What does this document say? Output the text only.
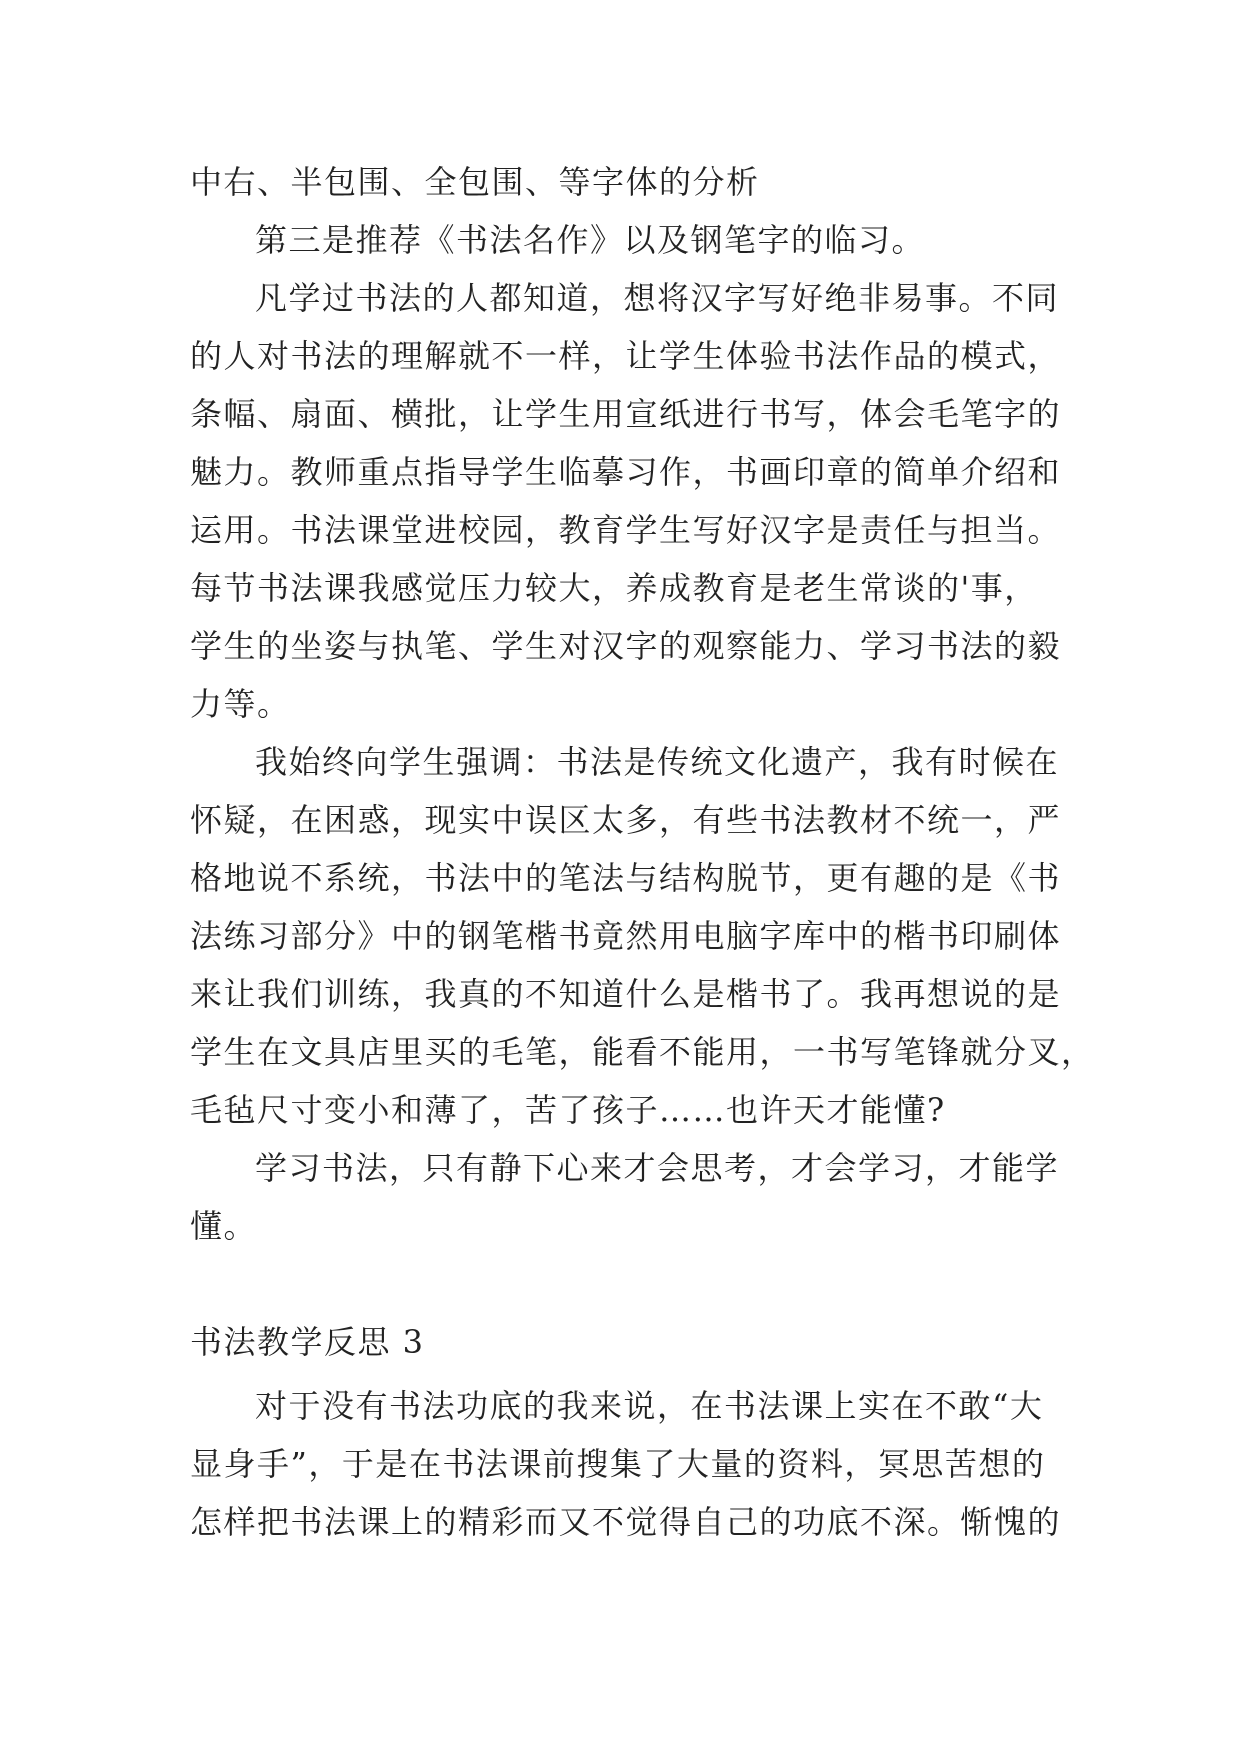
中右、半包围、全包围、等字体的分析
第三是推荐《书法名作》以及钢笔字的临习。
凡学过书法的人都知道，想将汉字写好绝非易事。不同
的人对书法的理解就不一样，让学生体验书法作品的模式，
条幅、扇面、横批，让学生用宣纸进行书写，体会毛笔字的
魅力。教师重点指导学生临摹习作，书画印章的简单介绍和
运用。书法课堂进校园，教育学生写好汉字是责任与担当。
每节书法课我感觉压力较大，养成教育是老生常谈的'事，
学生的坐姿与执笔、学生对汉字的观察能力、学习书法的毅
力等。
我始终向学生强调：书法是传统文化遗产，我有时候在
怀疑，在困惑，现实中误区太多，有些书法教材不统一，严
格地说不系统，书法中的笔法与结构脱节，更有趣的是《书
法练习部分》中的钢笔楷书竟然用电脑字库中的楷书印刷体
来让我们训练，我真的不知道什么是楷书了。我再想说的是
学生在文具店里买的毛笔，能看不能用，一书写笔锋就分叉，
毛毡尺寸变小和薄了，苦了孩子……也许天才能懂?
学习书法，只有静下心来才会思考，才会学习，才能学
懂。
书法教学反思 3
对于没有书法功底的我来说，在书法课上实在不敢“大
显身手”，于是在书法课前搜集了大量的资料，冥思苦想的
怎样把书法课上的精彩而又不觉得自己的功底不深。惭愧的
